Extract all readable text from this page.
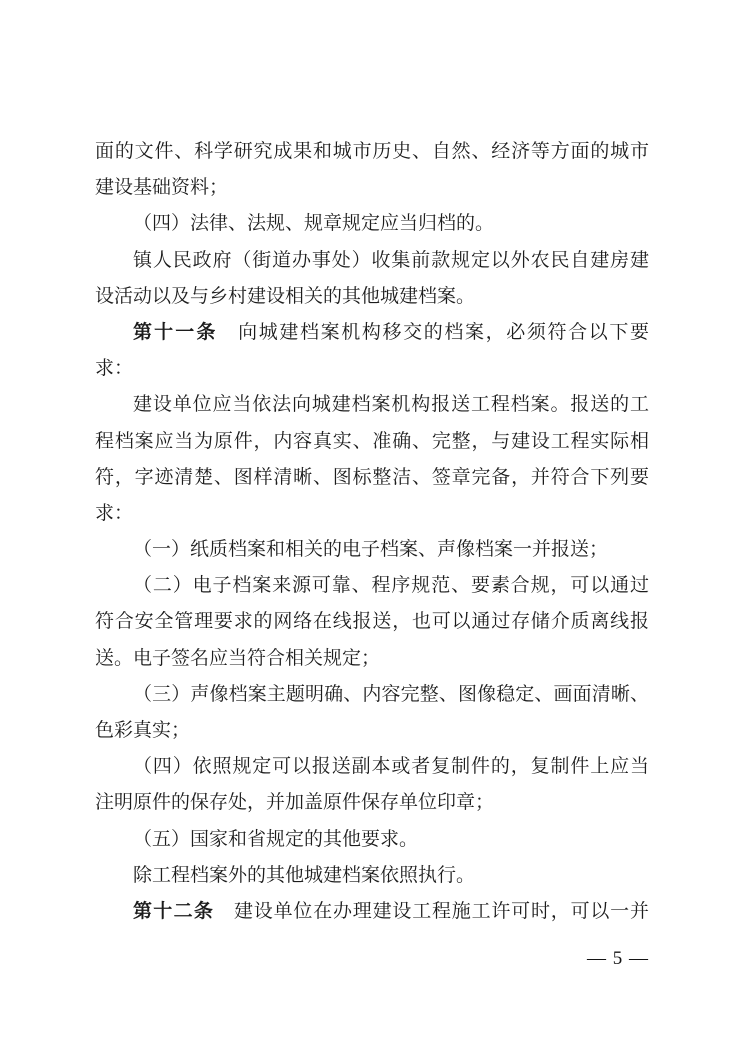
面的文件、科学研究成果和城市历史、自然、经济等方面的城市
建设基础资料；
（四）法律、法规、规章规定应当归档的。
镇人民政府（街道办事处）收集前款规定以外农民自建房建
设活动以及与乡村建设相关的其他城建档案。
第十一条　向城建档案机构移交的档案，必须符合以下要
求：
建设单位应当依法向城建档案机构报送工程档案。报送的工
程档案应当为原件，内容真实、准确、完整，与建设工程实际相
符，字迹清楚、图样清晰、图标整洁、签章完备，并符合下列要
求：
（一）纸质档案和相关的电子档案、声像档案一并报送；
（二）电子档案来源可靠、程序规范、要素合规，可以通过
符合安全管理要求的网络在线报送，也可以通过存储介质离线报
送。电子签名应当符合相关规定；
（三）声像档案主题明确、内容完整、图像稳定、画面清晰、
色彩真实；
（四）依照规定可以报送副本或者复制件的，复制件上应当
注明原件的保存处，并加盖原件保存单位印章；
（五）国家和省规定的其他要求。
除工程档案外的其他城建档案依照执行。
第十二条　建设单位在办理建设工程施工许可时，可以一并
— 5 —
